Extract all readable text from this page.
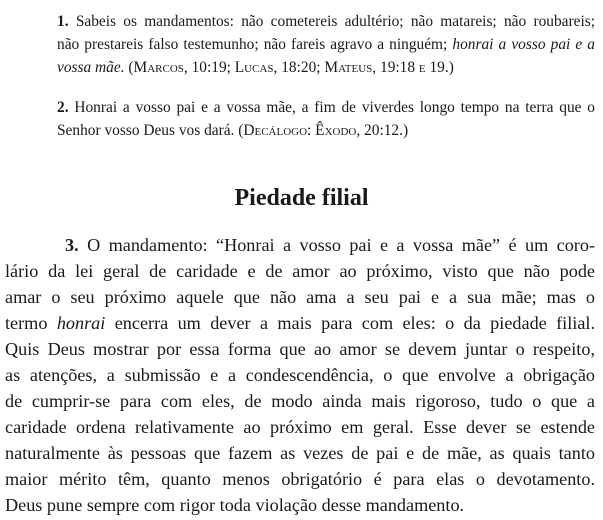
1. Sabeis os mandamentos: não cometereis adultério; não matareis; não roubareis;
não prestareis falso testemunho; não fareis agravo a ninguém; honrai a vosso pai e a
vossa mãe. (Marcos, 10:19; Lucas, 18:20; Mateus, 19:18 e 19.)
2. Honrai a vosso pai e a vossa mãe, a fim de viverdes longo tempo na terra que o
Senhor vosso Deus vos dará. (Decálogo: Êxodo, 20:12.)
Piedade filial
3. O mandamento: “Honrai a vosso pai e a vossa mãe” é um coro-
lário da lei geral de caridade e de amor ao próximo, visto que não pode
amar o seu próximo aquele que não ama a seu pai e a sua mãe; mas o
termo honrai encerra um dever a mais para com eles: o da piedade filial.
Quis Deus mostrar por essa forma que ao amor se devem juntar o respeito,
as atenções, a submissão e a condescendência, o que envolve a obrigação
de cumprir-se para com eles, de modo ainda mais rigoroso, tudo o que a
caridade ordena relativamente ao próximo em geral. Esse dever se estende
naturalmente às pessoas que fazem as vezes de pai e de mãe, as quais tanto
maior mérito têm, quanto menos obrigatório é para elas o devotamento.
Deus pune sempre com rigor toda violação desse mandamento.
